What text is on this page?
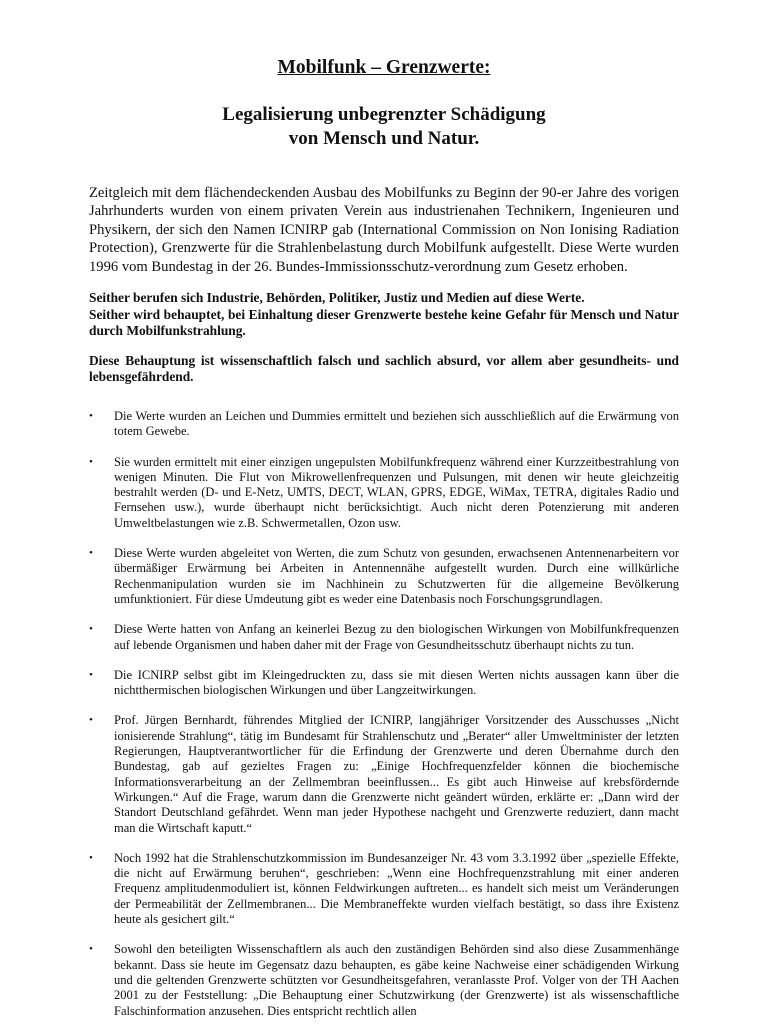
Mobilfunk – Grenzwerte:
Legalisierung unbegrenzter Schädigung
von Mensch und Natur.

Zeitgleich mit dem flächendeckenden Ausbau des Mobilfunks zu Beginn der 90-er Jahre des vorigen Jahrhunderts wurden von einem privaten Verein aus industrienahen Technikern, Ingenieuren und Physikern, der sich den Namen ICNIRP gab (International Commission on Non Ionising Radiation Protection), Grenzwerte für die Strahlenbelastung durch Mobilfunk aufgestellt. Diese Werte wurden 1996 vom Bundestag in der 26. Bundes-Immissionsschutz-verordnung zum Gesetz erhoben.

Seither berufen sich Industrie, Behörden, Politiker, Justiz und Medien auf diese Werte.

Seither wird behauptet, bei Einhaltung dieser Grenzwerte bestehe keine Gefahr für Mensch und Natur durch Mobilfunkstrahlung.

Diese Behauptung ist wissenschaftlich falsch und sachlich absurd, vor allem aber gesundheits- und lebensgefährdend.

• Die Werte wurden an Leichen und Dummies ermittelt und beziehen sich ausschließlich auf die Erwärmung von totem Gewebe.
• Sie wurden ermittelt mit einer einzigen ungepulsten Mobilfunkfrequenz während einer Kurzzeitbestrahlung von wenigen Minuten. Die Flut von Mikrowellenfrequenzen und Pulsungen, mit denen wir heute gleichzeitig bestrahlt werden (D- und E-Netz, UMTS, DECT, WLAN, GPRS, EDGE, WiMax, TETRA, digitales Radio und Fernsehen usw.), wurde überhaupt nicht berücksichtigt. Auch nicht deren Potenzierung mit anderen Umweltbelastungen wie z.B. Schwermetallen, Ozon usw.
• Diese Werte wurden abgeleitet von Werten, die zum Schutz von gesunden, erwachsenen Antennenarbeitern vor übermäßiger Erwärmung bei Arbeiten in Antennennähe aufgestellt wurden. Durch eine willkürliche Rechenmanipulation wurden sie im Nachhinein zu Schutzwerten für die allgemeine Bevölkerung umfunktioniert. Für diese Umdeutung gibt es weder eine Datenbasis noch Forschungsgrundlagen.
• Diese Werte hatten von Anfang an keinerlei Bezug zu den biologischen Wirkungen von Mobilfunkfrequenzen auf lebende Organismen und haben daher mit der Frage von Gesundheitsschutz überhaupt nichts zu tun.
• Die ICNIRP selbst gibt im Kleingedruckten zu, dass sie mit diesen Werten nichts aussagen kann über die nichtthermischen biologischen Wirkungen und über Langzeitwirkungen.
• Prof. Jürgen Bernhardt, führendes Mitglied der ICNIRP, langjähriger Vorsitzender des Ausschusses „Nicht ionisierende Strahlung“, tätig im Bundesamt für Strahlenschutz und „Berater“ aller Umweltminister der letzten Regierungen, Hauptverantwortlicher für die Erfindung der Grenzwerte und deren Übernahme durch den Bundestag, gab auf gezieltes Fragen zu: „Einige Hochfrequenzfelder können die biochemische Informationsverarbeitung an der Zellmembran beeinflussen... Es gibt auch Hinweise auf krebsfördernde Wirkungen.“ Auf die Frage, warum dann die Grenzwerte nicht geändert würden, erklärte er: „Dann wird der Standort Deutschland gefährdet. Wenn man jeder Hypothese nachgeht und Grenzwerte reduziert, dann macht man die Wirtschaft kaputt.“
• Noch 1992 hat die Strahlenschutzkommission im Bundesanzeiger Nr. 43 vom 3.3.1992 über „spezielle Effekte, die nicht auf Erwärmung beruhen“, geschrieben: „Wenn eine Hochfrequenzstrahlung mit einer anderen Frequenz amplitudenmoduliert ist, können Feldwirkungen auftreten... es handelt sich meist um Veränderungen der Permeabilität der Zellmembranen... Die Membraneffekte wurden vielfach bestätigt, so dass ihre Existenz heute als gesichert gilt.“
• Sowohl den beteiligten Wissenschaftlern als auch den zuständigen Behörden sind also diese Zusammenhänge bekannt. Dass sie heute im Gegensatz dazu behaupten, es gäbe keine Nachweise einer schädigenden Wirkung und die geltenden Grenzwerte schützten vor Gesundheitsgefahren, veranlasste Prof. Volger von der TH Aachen 2001 zu der Feststellung: „Die Behauptung einer Schutzwirkung (der Grenzwerte) ist als wissenschaftliche Falschinformation anzusehen. Dies entspricht rechtlich allen
